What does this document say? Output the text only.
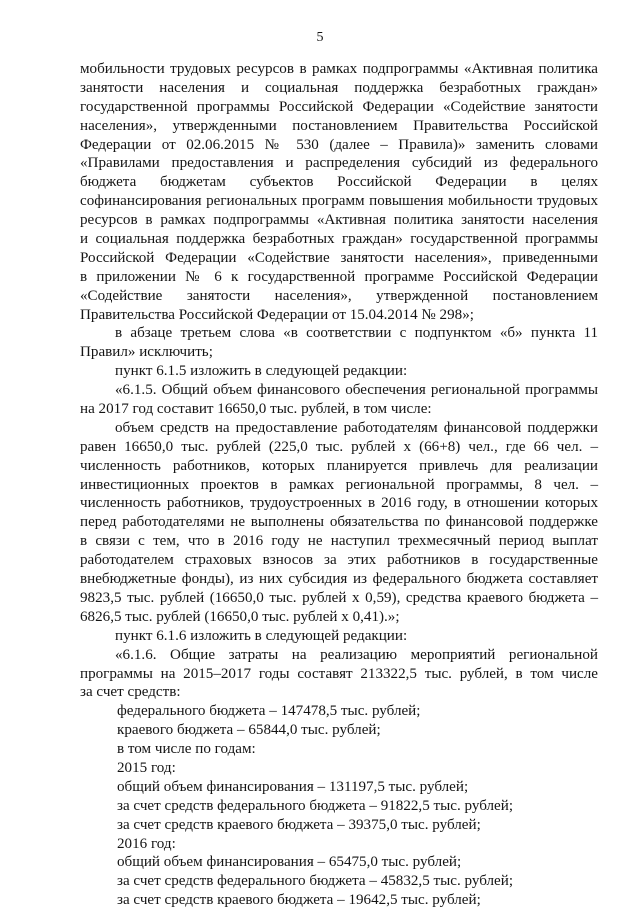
5
мобильности трудовых ресурсов в рамках подпрограммы «Активная политика
занятости населения и социальная поддержка безработных граждан»
государственной программы Российской Федерации «Содействие занятости
населения», утвержденными постановлением Правительства Российской
Федерации от 02.06.2015 № 530 (далее – Правила)» заменить словами
«Правилами предоставления и распределения субсидий из федерального
бюджета бюджетам субъектов Российской Федерации в целях
софинансирования региональных программ повышения мобильности трудовых
ресурсов в рамках подпрограммы «Активная политика занятости населения
и социальная поддержка безработных граждан» государственной программы
Российской Федерации «Содействие занятости населения», приведенными
в приложении № 6 к государственной программе Российской Федерации
«Содействие занятости населения», утвержденной постановлением
Правительства Российской Федерации от 15.04.2014 № 298»;
в абзаце третьем слова «в соответствии с подпунктом «б» пункта 11
Правил» исключить;
пункт 6.1.5 изложить в следующей редакции:
«6.1.5. Общий объем финансового обеспечения региональной программы
на 2017 год составит 16650,0 тыс. рублей, в том числе:
объем средств на предоставление работодателям финансовой поддержки
равен 16650,0 тыс. рублей (225,0 тыс. рублей х (66+8) чел., где 66 чел. –
численность работников, которых планируется привлечь для реализации
инвестиционных проектов в рамках региональной программы, 8 чел. –
численность работников, трудоустроенных в 2016 году, в отношении которых
перед работодателями не выполнены обязательства по финансовой поддержке
в связи с тем, что в 2016 году не наступил трехмесячный период выплат
работодателем страховых взносов за этих работников в государственные
внебюджетные фонды), из них субсидия из федерального бюджета составляет
9823,5 тыс. рублей (16650,0 тыс. рублей х 0,59), средства краевого бюджета –
6826,5 тыс. рублей (16650,0 тыс. рублей х 0,41).»;
пункт 6.1.6 изложить в следующей редакции:
«6.1.6. Общие затраты на реализацию мероприятий региональной
программы на 2015–2017 годы составят 213322,5 тыс. рублей, в том числе
за счет средств:
федерального бюджета – 147478,5 тыс. рублей;
краевого бюджета – 65844,0 тыс. рублей;
в том числе по годам:
2015 год:
общий объем финансирования – 131197,5 тыс. рублей;
за счет средств федерального бюджета – 91822,5 тыс. рублей;
за счет средств краевого бюджета – 39375,0 тыс. рублей;
2016 год:
общий объем финансирования – 65475,0 тыс. рублей;
за счет средств федерального бюджета – 45832,5 тыс. рублей;
за счет средств краевого бюджета – 19642,5 тыс. рублей;
